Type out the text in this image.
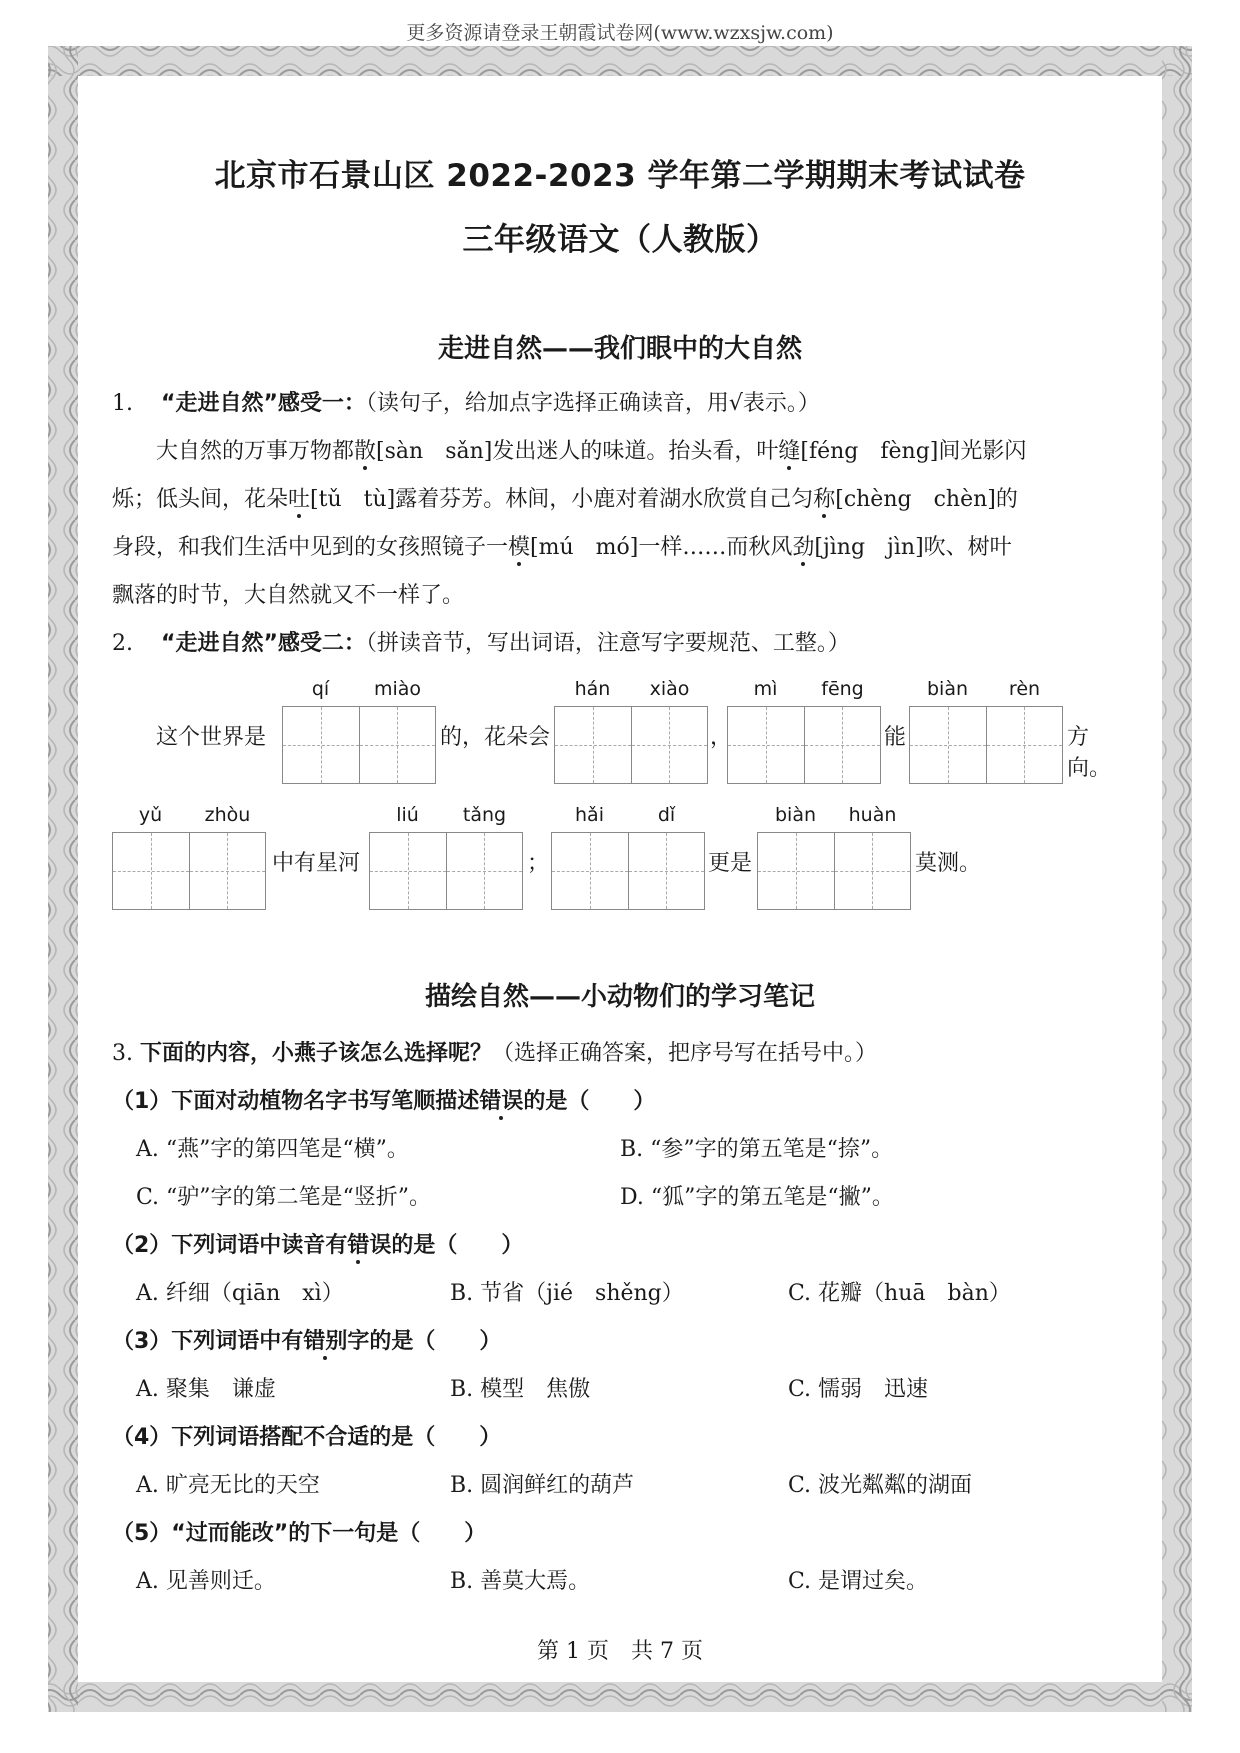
更多资源请登录王朝霞试卷网(www.wzxsjw.com)
北京市石景山区 2022-2023 学年第二学期期末考试试卷
三年级语文（人教版）
走进自然——我们眼中的大自然
1. “走进自然”感受一：（读句子，给加点字选择正确读音，用√表示。）
大自然的万事万物都散[sàn　sǎn]发出迷人的味道。抬头看，叶缝[féng　fèng]间光影闪
烁；低头间，花朵吐[tǔ　tù]露着芬芳。林间，小鹿对着湖水欣赏自己匀称[chèng　chèn]的
身段，和我们生活中见到的女孩照镜子一模[mú　mó]一样……而秋风劲[jìng　jìn]吹、树叶
飘落的时节，大自然就又不一样了。
2. “走进自然”感受二：（拼读音节，写出词语，注意写字要规范、工整。）
qí	miào	hán	xiào	mì	fēng	biàn	rèn
这个世界是	的，花朵会	，	能	方向。
yǔ	zhòu	liú	tǎng	hǎi	dǐ	biàn	huàn
中有星河	；	更是	莫测。
描绘自然——小动物们的学习笔记
3. 下面的内容，小燕子该怎么选择呢？（选择正确答案，把序号写在括号中。）
（1）下面对动植物名字书写笔顺描述错误的是（　　）
A. “燕”字的第四笔是“横”。	B. “参”字的第五笔是“捺”。
C. “驴”字的第二笔是“竖折”。	D. “狐”字的第五笔是“撇”。
（2）下列词语中读音有错误的是（　　）
A. 纤细（qiān　xì）	B. 节省（jié　shěng）	C. 花瓣（huā　bàn）
（3）下列词语中有错别字的是（　　）
A. 聚集　谦虚	B. 模型　焦傲	C. 懦弱　迅速
（4）下列词语搭配不合适的是（　　）
A. 旷亮无比的天空	B. 圆润鲜红的葫芦	C. 波光粼粼的湖面
（5）“过而能改”的下一句是（　　）
A. 见善则迁。	B. 善莫大焉。	C. 是谓过矣。
第 1 页　共 7 页
